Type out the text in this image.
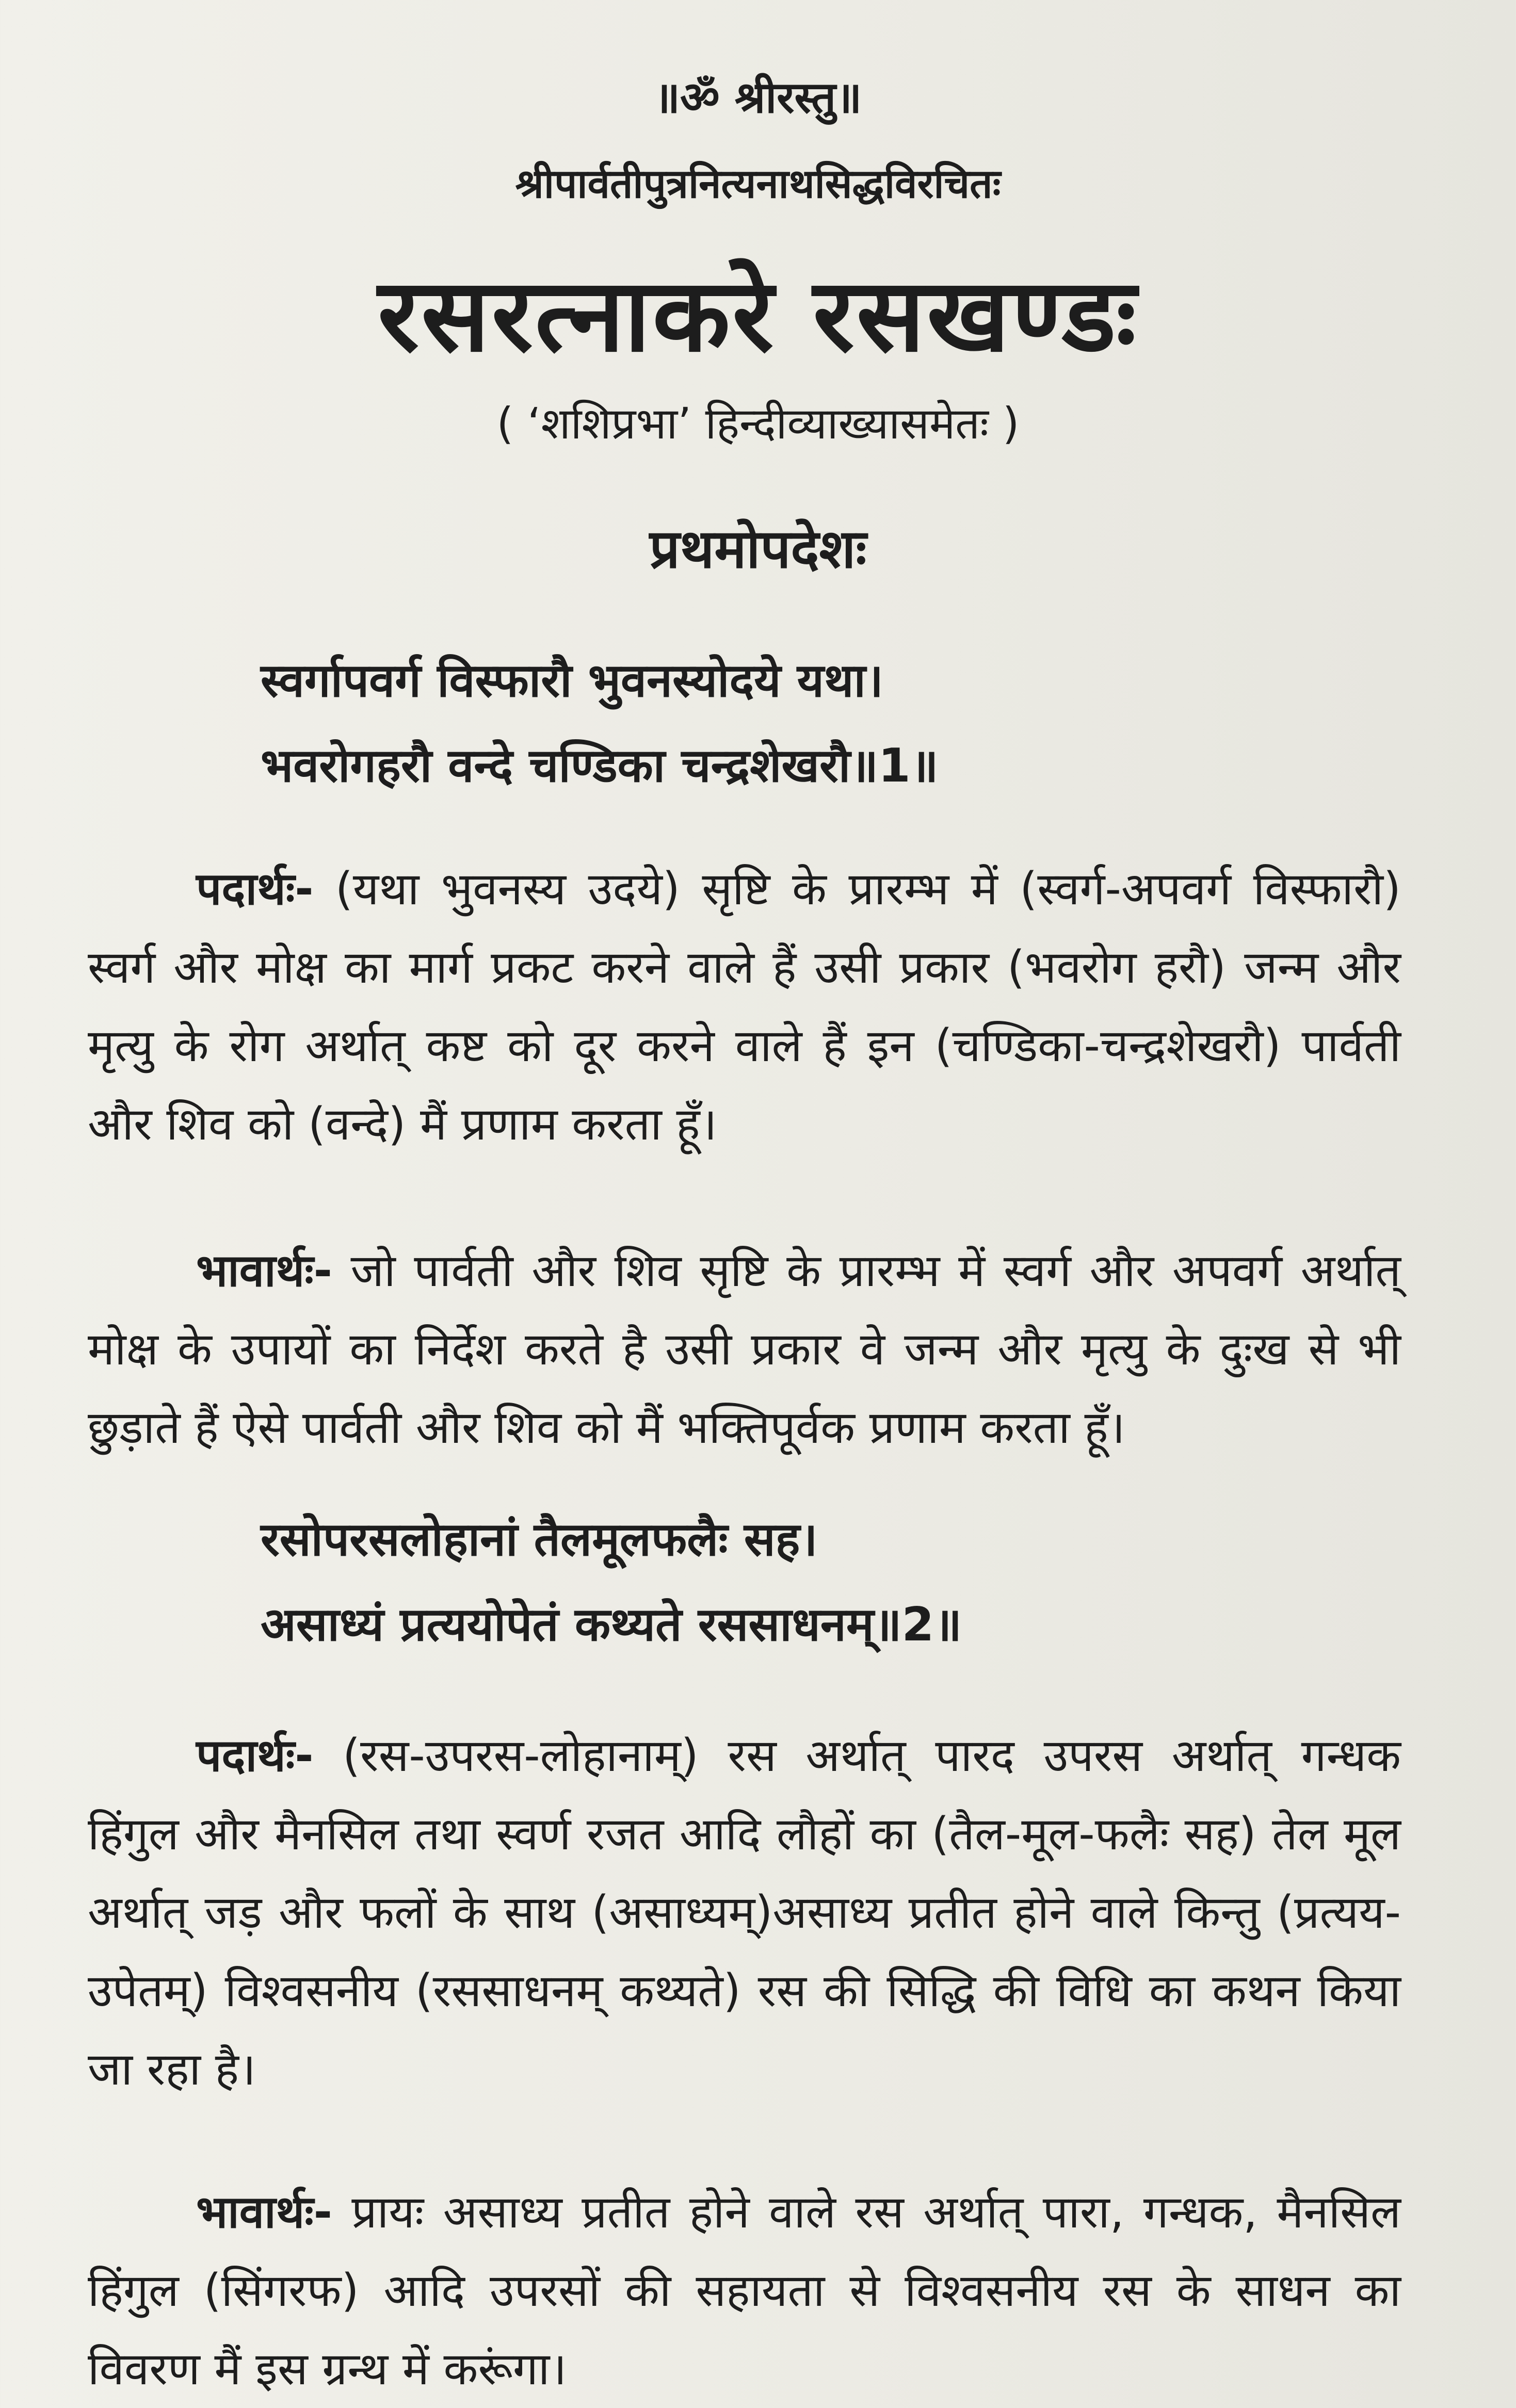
॥ॐ श्रीरस्तु॥
श्रीपार्वतीपुत्रनित्यनाथसिद्धविरचितः
रसरत्नाकरे रसखण्डः
( ‘शशिप्रभा’ हिन्दीव्याख्यासमेतः )
प्रथमोपदेशः
स्वर्गापवर्ग विस्फारौ भुवनस्योदये यथा।
भवरोगहरौ वन्दे चण्डिका चन्द्रशेखरौ॥1॥

पदार्थः- (यथा भुवनस्य उदये) सृष्टि के प्रारम्भ में (स्वर्ग-अपवर्ग विस्फारौ) स्वर्ग और मोक्ष का मार्ग प्रकट करने वाले हैं उसी प्रकार (भवरोग हरौ) जन्म और मृत्यु के रोग अर्थात् कष्ट को दूर करने वाले हैं इन (चण्डिका-चन्द्रशेखरौ) पार्वती और शिव को (वन्दे) मैं प्रणाम करता हूँ।

भावार्थः- जो पार्वती और शिव सृष्टि के प्रारम्भ में स्वर्ग और अपवर्ग अर्थात् मोक्ष के उपायों का निर्देश करते है उसी प्रकार वे जन्म और मृत्यु के दुःख से भी छुड़ाते हैं ऐसे पार्वती और शिव को मैं भक्तिपूर्वक प्रणाम करता हूँ।

रसोपरसलोहानां तैलमूलफलैः सह।
असाध्यं प्रत्ययोपेतं कथ्यते रससाधनम्॥2॥

पदार्थः- (रस-उपरस-लोहानाम्) रस अर्थात् पारद उपरस अर्थात् गन्धक हिंगुल और मैनसिल तथा स्वर्ण रजत आदि लौहों का (तैल-मूल-फलैः सह) तेल मूल अर्थात् जड़ और फलों के साथ (असाध्यम्)असाध्य प्रतीत होने वाले किन्तु (प्रत्यय-उपेतम्) विश्वसनीय (रससाधनम् कथ्यते) रस की सिद्धि की विधि का कथन किया जा रहा है।

भावार्थः- प्रायः असाध्य प्रतीत होने वाले रस अर्थात् पारा, गन्धक, मैनसिल हिंगुल (सिंगरफ) आदि उपरसों की सहायता से विश्वसनीय रस के साधन का विवरण मैं इस ग्रन्थ में करूंगा।
